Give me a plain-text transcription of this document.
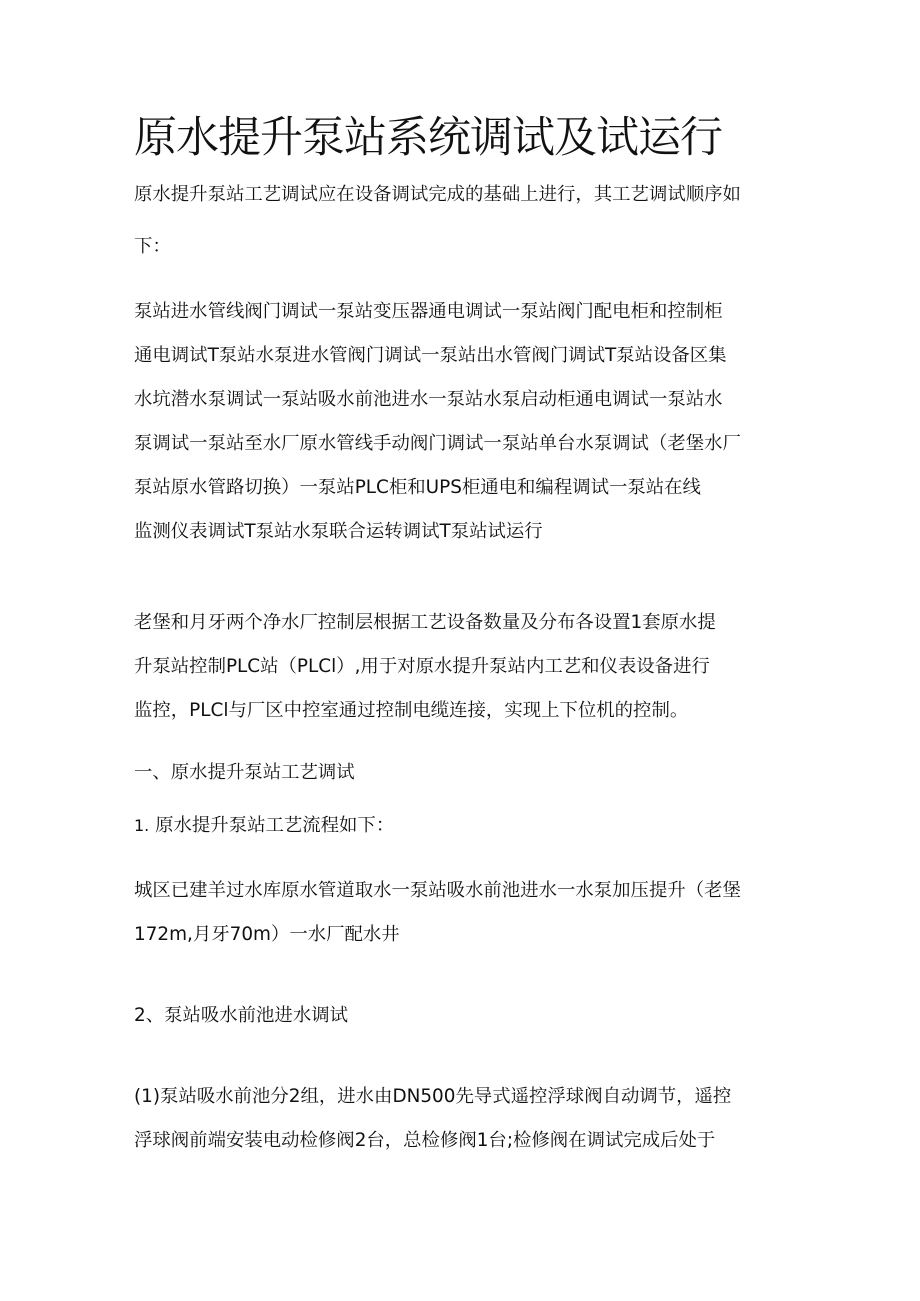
原水提升泵站系统调试及试运行

原水提升泵站工艺调试应在设备调试完成的基础上进行，其工艺调试顺序如
下：

泵站进水管线阀门调试一泵站变压器通电调试一泵站阀门配电柜和控制柜
通电调试T泵站水泵进水管阀门调试一泵站出水管阀门调试T泵站设备区集
水坑潜水泵调试一泵站吸水前池进水一泵站水泵启动柜通电调试一泵站水
泵调试一泵站至水厂原水管线手动阀门调试一泵站单台水泵调试（老堡水厂
泵站原水管路切换）一泵站PLC柜和UPS柜通电和编程调试一泵站在线
监测仪表调试T泵站水泵联合运转调试T泵站试运行

老堡和月牙两个净水厂控制层根据工艺设备数量及分布各设置1套原水提
升泵站控制PLC站（PLCl）,用于对原水提升泵站内工艺和仪表设备进行
监控，PLCl与厂区中控室通过控制电缆连接，实现上下位机的控制。

一、原水提升泵站工艺调试

1. 原水提升泵站工艺流程如下：

城区已建羊过水库原水管道取水一泵站吸水前池进水一水泵加压提升（老堡
172m,月牙70m）一水厂配水井

2、泵站吸水前池进水调试

(1)泵站吸水前池分2组，进水由DN500先导式遥控浮球阀自动调节，遥控
浮球阀前端安装电动检修阀2台，总检修阀1台;检修阀在调试完成后处于
